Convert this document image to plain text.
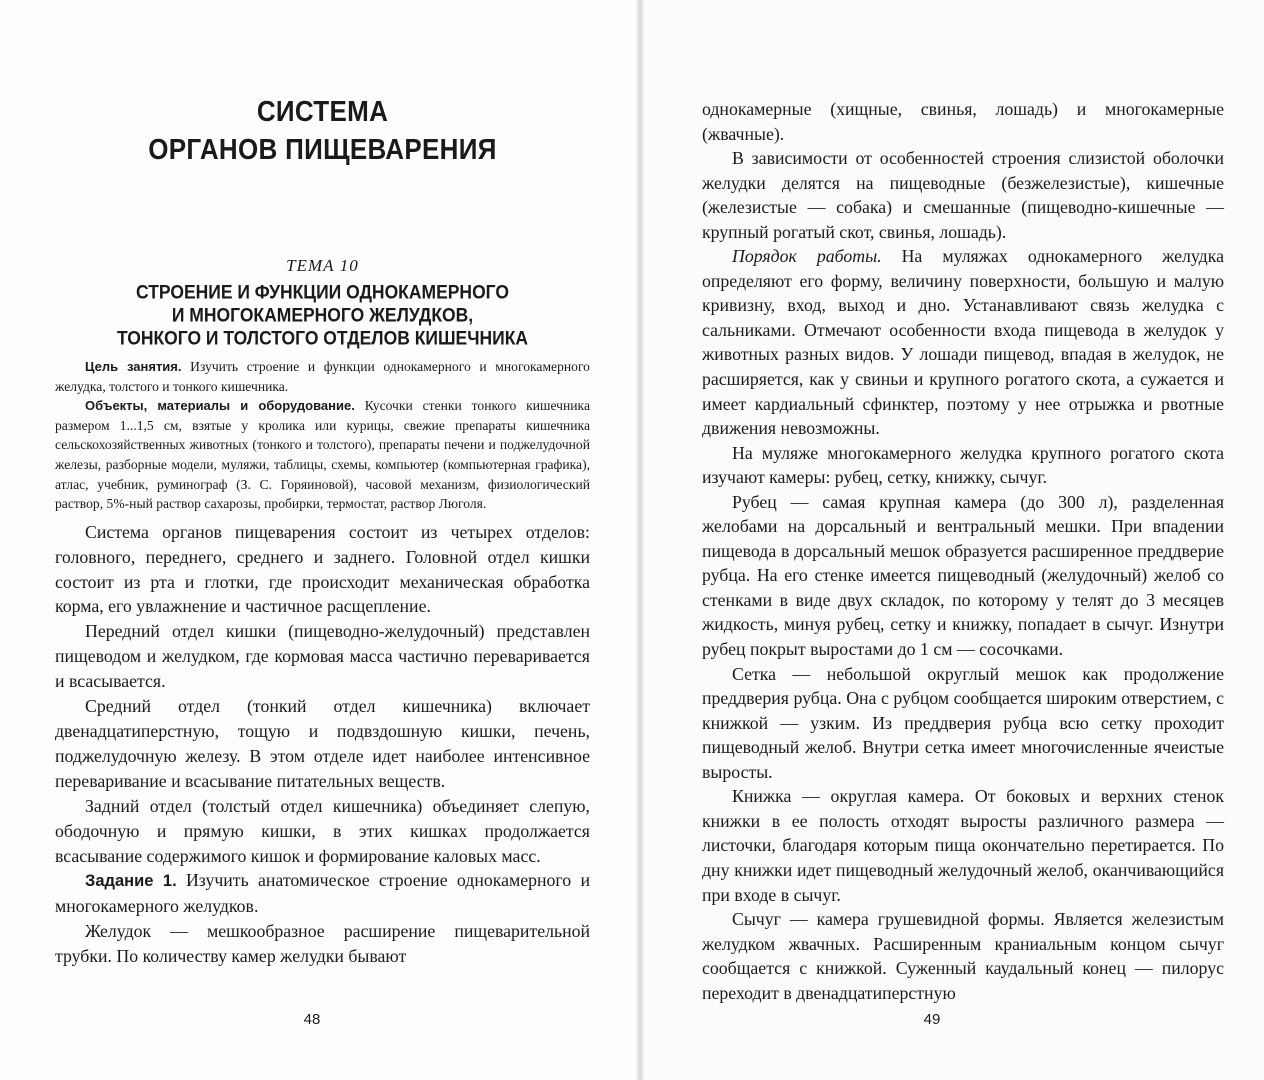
СИСТЕМА
ОРГАНОВ ПИЩЕВАРЕНИЯ
ТЕМА 10
СТРОЕНИЕ И ФУНКЦИИ ОДНОКАМЕРНОГО
И МНОГОКАМЕРНОГО ЖЕЛУДКОВ,
ТОНКОГО И ТОЛСТОГО ОТДЕЛОВ КИШЕЧНИКА

Цель занятия. Изучить строение и функции однокамерного и многокамерного желудка, толстого и тонкого кишечника.

Объекты, материалы и оборудование. Кусочки стенки тонкого кишечника размером 1...1,5 см, взятые у кролика или курицы, свежие препараты кишечника сельскохозяйственных животных (тонкого и толстого), препараты печени и поджелудочной железы, разборные модели, муляжи, таблицы, схемы, компьютер (компьютерная графика), атлас, учебник, руминограф (З. С. Горяиновой), часовой механизм, физиологический раствор, 5%-ный раствор сахарозы, пробирки, термостат, раствор Люголя.

Система органов пищеварения состоит из четырех отделов: головного, переднего, среднего и заднего. Головной отдел кишки состоит из рта и глотки, где происходит механическая обработка корма, его увлажнение и частичное расщепление.

Передний отдел кишки (пищеводно-желудочный) представлен пищеводом и желудком, где кормовая масса частично переваривается и всасывается.

Средний отдел (тонкий отдел кишечника) включает двенадцатиперстную, тощую и подвздошную кишки, печень, поджелудочную железу. В этом отделе идет наиболее интенсивное переваривание и всасывание питательных веществ.

Задний отдел (толстый отдел кишечника) объединяет слепую, ободочную и прямую кишки, в этих кишках продолжается всасывание содержимого кишок и формирование каловых масс.

Задание 1. Изучить анатомическое строение однокамерного и многокамерного желудков.

Желудок — мешкообразное расширение пищеварительной трубки. По количеству камер желудки бывают

48

однокамерные (хищные, свинья, лошадь) и многокамерные (жвачные).

В зависимости от особенностей строения слизистой оболочки желудки делятся на пищеводные (безжелезистые), кишечные (железистые — собака) и смешанные (пищеводно-кишечные — крупный рогатый скот, свинья, лошадь).

Порядок работы. На муляжах однокамерного желудка определяют его форму, величину поверхности, большую и малую кривизну, вход, выход и дно. Устанавливают связь желудка с сальниками. Отмечают особенности входа пищевода в желудок у животных разных видов. У лошади пищевод, впадая в желудок, не расширяется, как у свиньи и крупного рогатого скота, а сужается и имеет кардиальный сфинктер, поэтому у нее отрыжка и рвотные движения невозможны.

На муляже многокамерного желудка крупного рогатого скота изучают камеры: рубец, сетку, книжку, сычуг.

Рубец — самая крупная камера (до 300 л), разделенная желобами на дорсальный и вентральный мешки. При впадении пищевода в дорсальный мешок образуется расширенное преддверие рубца. На его стенке имеется пищеводный (желудочный) желоб со стенками в виде двух складок, по которому у телят до 3 месяцев жидкость, минуя рубец, сетку и книжку, попадает в сычуг. Изнутри рубец покрыт выростами до 1 см — сосочками.

Сетка — небольшой округлый мешок как продолжение преддверия рубца. Она с рубцом сообщается широким отверстием, с книжкой — узким. Из преддверия рубца всю сетку проходит пищеводный желоб. Внутри сетка имеет многочисленные ячеистые выросты.

Книжка — округлая камера. От боковых и верхних стенок книжки в ее полость отходят выросты различного размера — листочки, благодаря которым пища окончательно перетирается. По дну книжки идет пищеводный желудочный желоб, оканчивающийся при входе в сычуг.

Сычуг — камера грушевидной формы. Является железистым желудком жвачных. Расширенным краниальным концом сычуг сообщается с книжкой. Суженный каудальный конец — пилорус переходит в двенадцатиперстную

49
